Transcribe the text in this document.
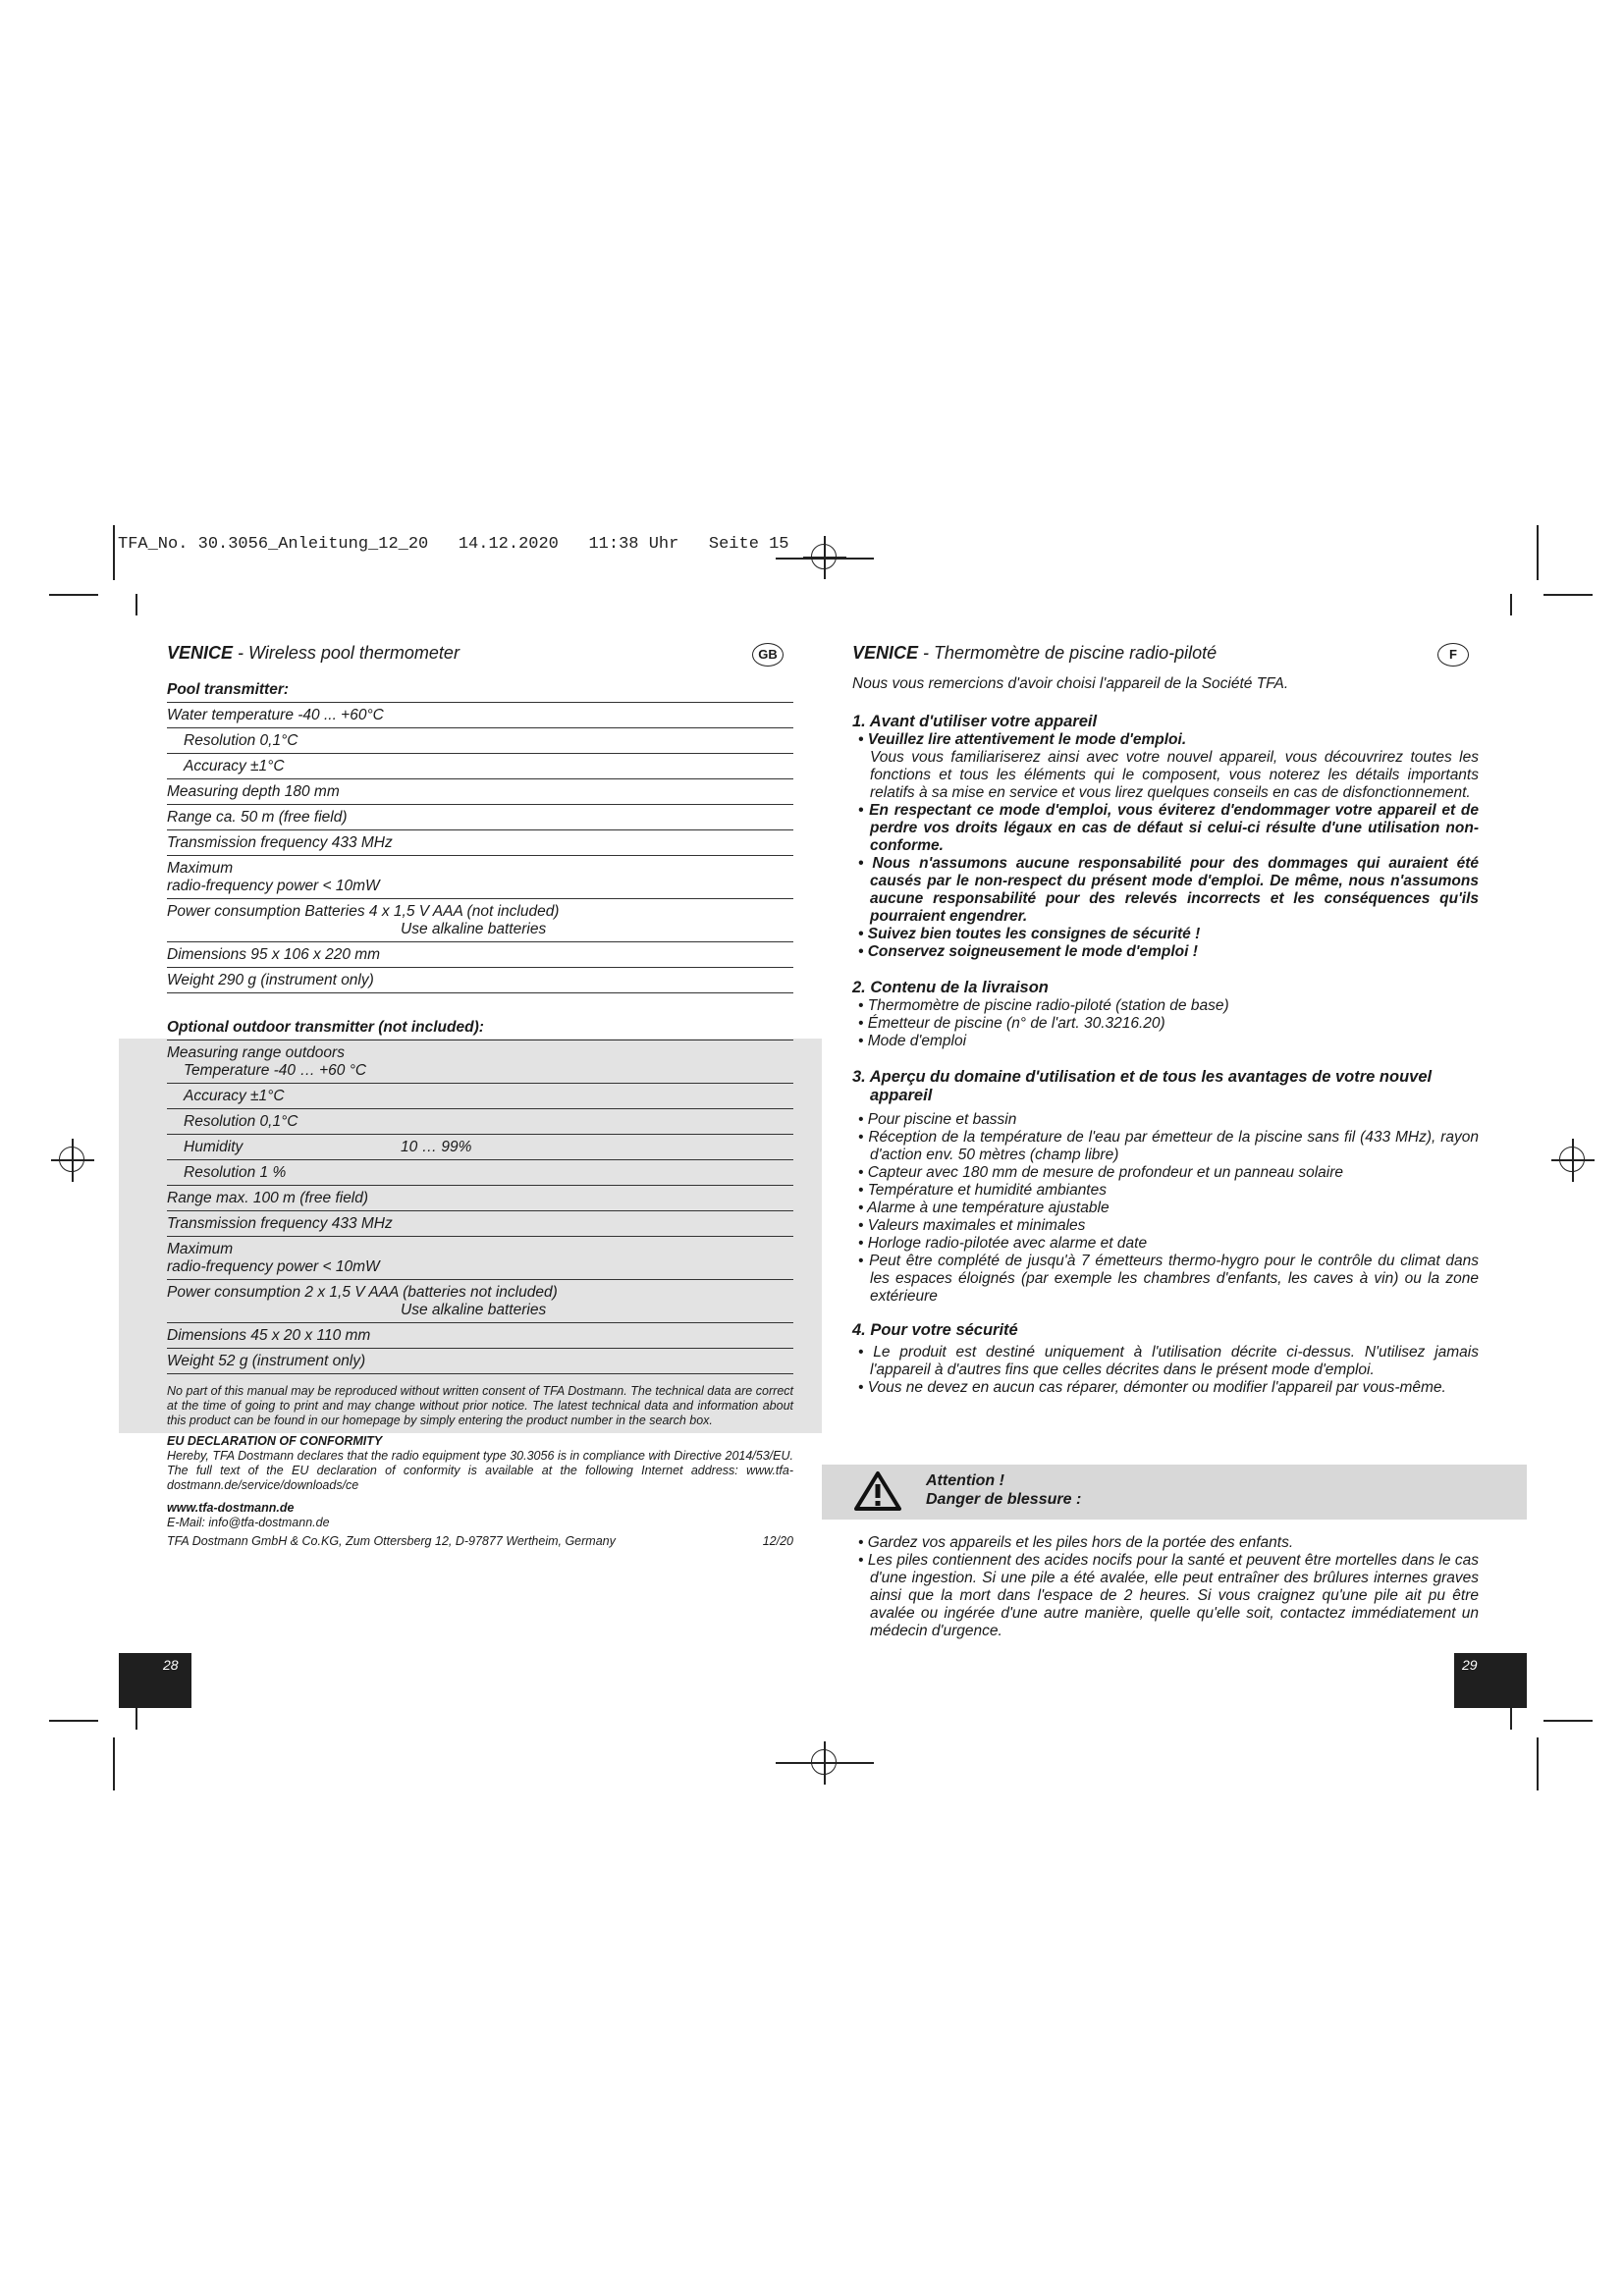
TFA_No. 30.3056_Anleitung_12_20   14.12.2020   11:38 Uhr   Seite 15
VENICE - Wireless pool thermometer	GB
Pool transmitter:
Water temperature -40 ... +60°C
Resolution 0,1°C
Accuracy ±1°C
Measuring depth 180 mm
Range ca. 50 m (free field)
Transmission frequency 433 MHz
Maximum
radio-frequency power < 10mW
Power consumption Batteries 4 x 1,5 V AAA (not included)
Use alkaline batteries
Dimensions 95 x 106 x 220 mm
Weight 290 g (instrument only)
Optional outdoor transmitter (not included):
Measuring range outdoors
Temperature -40 … +60 °C
Accuracy ±1°C
Resolution 0,1°C
Humidity	10 … 99%
Resolution 1 %
Range max. 100 m (free field)
Transmission frequency 433 MHz
Maximum
radio-frequency power < 10mW
Power consumption 2 x 1,5 V AAA (batteries not included)
Use alkaline batteries
Dimensions 45 x 20 x 110 mm
Weight 52 g (instrument only)
No part of this manual may be reproduced without written consent of TFA Dostmann. The technical data are correct at the time of going to print and may change without prior notice. The latest technical data and information about this product can be found in our homepage by simply entering the product number in the search box.
EU DECLARATION OF CONFORMITY
Hereby, TFA Dostmann declares that the radio equipment type 30.3056 is in compliance with Directive 2014/53/EU. The full text of the EU declaration of conformity is available at the following Internet address: www.tfa-dostmann.de/service/downloads/ce
www.tfa-dostmann.de
E-Mail: info@tfa-dostmann.de
TFA Dostmann GmbH & Co.KG, Zum Ottersberg 12, D-97877 Wertheim, Germany	12/20
28
VENICE - Thermomètre de piscine radio-piloté	F

Nous vous remercions d'avoir choisi l'appareil de la Société TFA.

1. Avant d'utiliser votre appareil
• Veuillez lire attentivement le mode d'emploi.
Vous vous familiariserez ainsi avec votre nouvel appareil, vous découvrirez toutes les fonctions et tous les éléments qui le composent, vous noterez les détails importants relatifs à sa mise en service et vous lirez quelques conseils en cas de disfonctionnement.
• En respectant ce mode d'emploi, vous éviterez d'endommager votre appareil et de perdre vos droits légaux en cas de défaut si celui-ci résulte d'une utilisation non-conforme.
• Nous n'assumons aucune responsabilité pour des dommages qui auraient été causés par le non-respect du présent mode d'emploi. De même, nous n'assumons aucune responsabilité pour des relevés incorrects et les conséquences qu'ils pourraient engendrer.
• Suivez bien toutes les consignes de sécurité !
• Conservez soigneusement le mode d'emploi !
2. Contenu de la livraison
• Thermomètre de piscine radio-piloté (station de base)
• Émetteur de piscine (n° de l'art. 30.3216.20)
• Mode d'emploi
3. Aperçu du domaine d'utilisation et de tous les avantages de votre nouvel appareil
• Pour piscine et bassin
• Réception de la température de l'eau par émetteur de la piscine sans fil (433 MHz), rayon d'action env. 50 mètres (champ libre)
• Capteur avec 180 mm de mesure de profondeur et un panneau solaire
• Température et humidité ambiantes
• Alarme à une température ajustable
• Valeurs maximales et minimales
• Horloge radio-pilotée avec alarme et date
• Peut être complété de jusqu'à 7 émetteurs thermo-hygro pour le contrôle du climat dans les espaces éloignés (par exemple les chambres d'enfants, les caves à vin) ou la zone extérieure
4. Pour votre sécurité
• Le produit est destiné uniquement à l'utilisation décrite ci-dessus. N'utilisez jamais l'appareil à d'autres fins que celles décrites dans le présent mode d'emploi.
• Vous ne devez en aucun cas réparer, démonter ou modifier l'appareil par vous-même.
Attention !
Danger de blessure :
• Gardez vos appareils et les piles hors de la portée des enfants.
• Les piles contiennent des acides nocifs pour la santé et peuvent être mortelles dans le cas d'une ingestion. Si une pile a été avalée, elle peut entraîner des brûlures internes graves ainsi que la mort dans l'espace de 2 heures. Si vous craignez qu'une pile ait pu être avalée ou ingérée d'une autre manière, quelle qu'elle soit, contactez immédiatement un médecin d'urgence.
29
